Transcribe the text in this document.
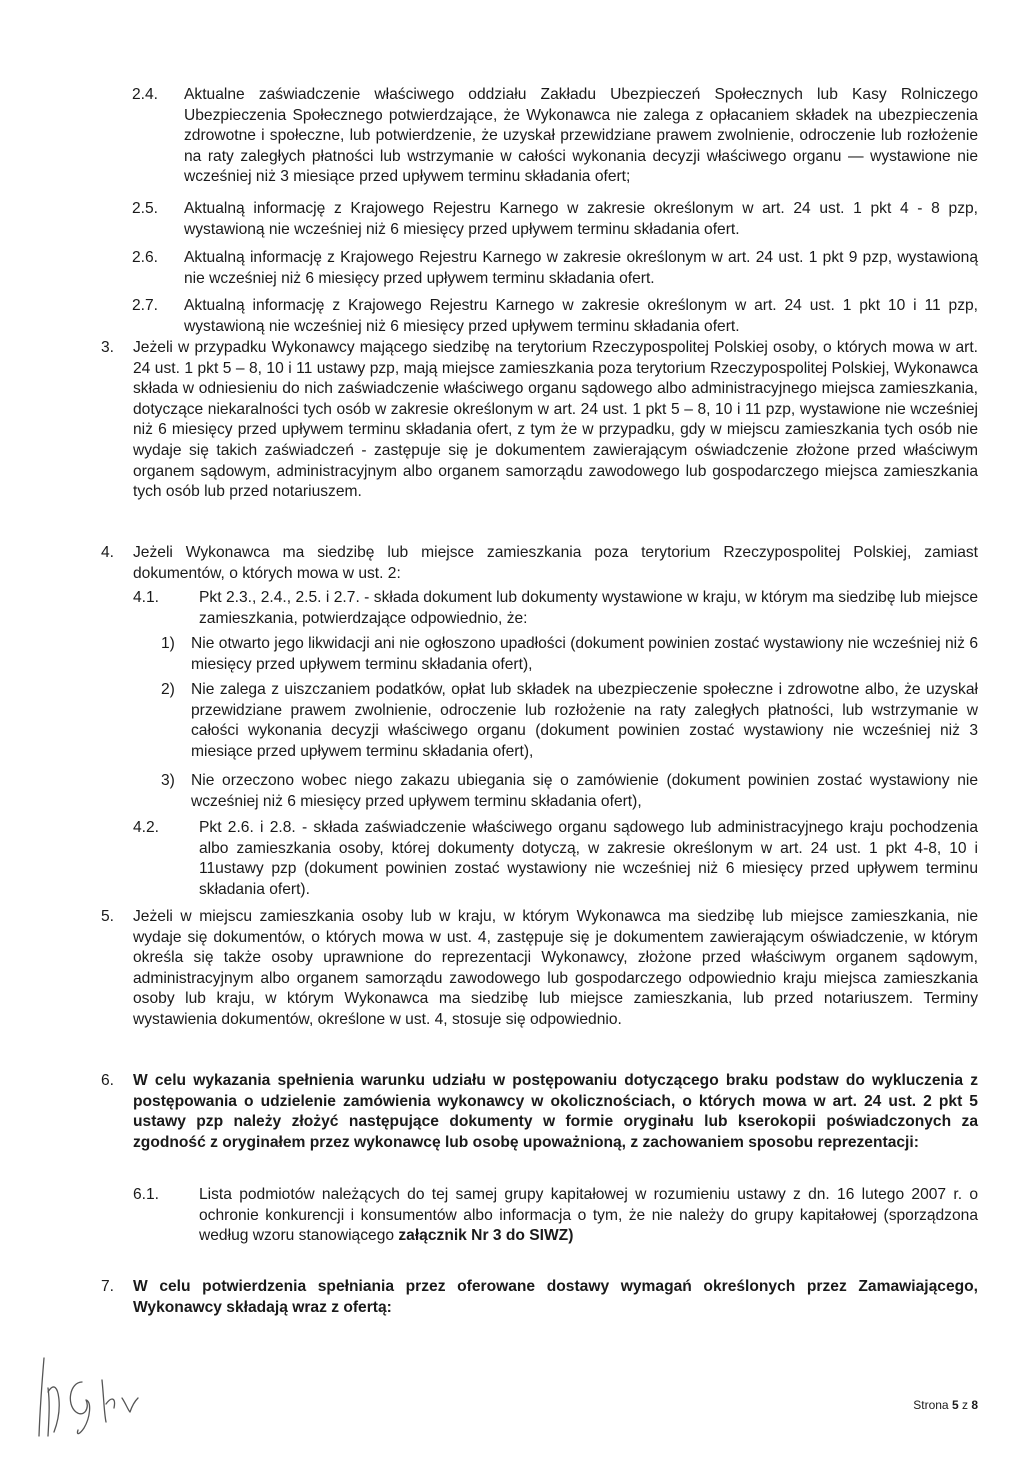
2.4. Aktualne zaświadczenie właściwego oddziału Zakładu Ubezpieczeń Społecznych lub Kasy Rolniczego Ubezpieczenia Społecznego potwierdzające, że Wykonawca nie zalega z opłacaniem składek na ubezpieczenia zdrowotne i społeczne, lub potwierdzenie, że uzyskał przewidziane prawem zwolnienie, odroczenie lub rozłożenie na raty zaległych płatności lub wstrzymanie w całości wykonania decyzji właściwego organu — wystawione nie wcześniej niż 3 miesiące przed upływem terminu składania ofert;
2.5. Aktualną informację z Krajowego Rejestru Karnego w zakresie określonym w art. 24 ust. 1 pkt 4 - 8 pzp, wystawioną nie wcześniej niż 6 miesięcy przed upływem terminu składania ofert.
2.6. Aktualną informację z Krajowego Rejestru Karnego w zakresie określonym w art. 24 ust. 1 pkt 9 pzp, wystawioną nie wcześniej niż 6 miesięcy przed upływem terminu składania ofert.
2.7. Aktualną informację z Krajowego Rejestru Karnego w zakresie określonym w art. 24 ust. 1 pkt 10 i 11 pzp, wystawioną nie wcześniej niż 6 miesięcy przed upływem terminu składania ofert.
3. Jeżeli w przypadku Wykonawcy mającego siedzibę na terytorium Rzeczypospolitej Polskiej osoby, o których mowa w art. 24 ust. 1 pkt 5 – 8, 10 i 11 ustawy pzp, mają miejsce zamieszkania poza terytorium Rzeczypospolitej Polskiej, Wykonawca składa w odniesieniu do nich zaświadczenie właściwego organu sądowego albo administracyjnego miejsca zamieszkania, dotyczące niekaralności tych osób w zakresie określonym w art. 24 ust. 1 pkt 5 – 8, 10 i 11 pzp, wystawione nie wcześniej niż 6 miesięcy przed upływem terminu składania ofert, z tym że w przypadku, gdy w miejscu zamieszkania tych osób nie wydaje się takich zaświadczeń - zastępuje się je dokumentem zawierającym oświadczenie złożone przed właściwym organem sądowym, administracyjnym albo organem samorządu zawodowego lub gospodarczego miejsca zamieszkania tych osób lub przed notariuszem.
4. Jeżeli Wykonawca ma siedzibę lub miejsce zamieszkania poza terytorium Rzeczypospolitej Polskiej, zamiast dokumentów, o których mowa w ust. 2:
4.1.	Pkt 2.3., 2.4., 2.5. i 2.7. - składa dokument lub dokumenty wystawione w kraju, w którym ma siedzibę lub miejsce zamieszkania, potwierdzające odpowiednio, że:
1) Nie otwarto jego likwidacji ani nie ogłoszono upadłości (dokument powinien zostać wystawiony nie wcześniej niż 6 miesięcy przed upływem terminu składania ofert),
2) Nie zalega z uiszczaniem podatków, opłat lub składek na ubezpieczenie społeczne i zdrowotne albo, że uzyskał przewidziane prawem zwolnienie, odroczenie lub rozłożenie na raty zaległych płatności, lub wstrzymanie w całości wykonania decyzji właściwego organu (dokument powinien zostać wystawiony nie wcześniej niż 3 miesiące przed upływem terminu składania ofert),
3) Nie orzeczono wobec niego zakazu ubiegania się o zamówienie (dokument powinien zostać wystawiony nie wcześniej niż 6 miesięcy przed upływem terminu składania ofert),
4.2.	Pkt 2.6. i 2.8. - składa zaświadczenie właściwego organu sądowego lub administracyjnego kraju pochodzenia albo zamieszkania osoby, której dokumenty dotyczą, w zakresie określonym w art. 24 ust. 1 pkt 4-8, 10 i 11ustawy pzp (dokument powinien zostać wystawiony nie wcześniej niż 6 miesięcy przed upływem terminu składania ofert).
5. Jeżeli w miejscu zamieszkania osoby lub w kraju, w którym Wykonawca ma siedzibę lub miejsce zamieszkania, nie wydaje się dokumentów, o których mowa w ust. 4, zastępuje się je dokumentem zawierającym oświadczenie, w którym określa się także osoby uprawnione do reprezentacji Wykonawcy, złożone przed właściwym organem sądowym, administracyjnym albo organem samorządu zawodowego lub gospodarczego odpowiednio kraju miejsca zamieszkania osoby lub kraju, w którym Wykonawca ma siedzibę lub miejsce zamieszkania, lub przed notariuszem. Terminy wystawienia dokumentów, określone w ust. 4, stosuje się odpowiednio.
6. W celu wykazania spełnienia warunku udziału w postępowaniu dotyczącego braku podstaw do wykluczenia z postępowania o udzielenie zamówienia wykonawcy w okolicznościach, o których mowa w art. 24 ust. 2 pkt 5 ustawy pzp należy złożyć następujące dokumenty w formie oryginału lub kserokopii poświadczonych za zgodność z oryginałem przez wykonawcę lub osobę upoważnioną, z zachowaniem sposobu reprezentacji:
6.1.	Lista podmiotów należących do tej samej grupy kapitałowej w rozumieniu ustawy z dn. 16 lutego 2007 r. o ochronie konkurencji i konsumentów albo informacja o tym, że nie należy do grupy kapitałowej (sporządzona według wzoru stanowiącego załącznik Nr 3 do SIWZ)
7. W celu potwierdzenia spełniania przez oferowane dostawy wymagań określonych przez Zamawiającego, Wykonawcy składają wraz z ofertą:
Strona 5 z 8
